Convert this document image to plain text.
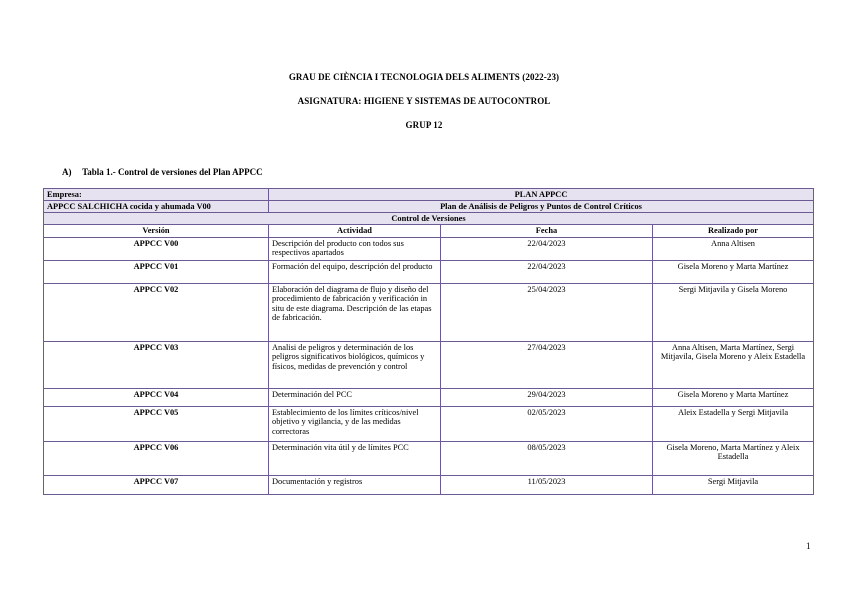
GRAU DE CIÈNCIA I TECNOLOGIA DELS ALIMENTS (2022-23)
ASIGNATURA: HIGIENE Y SISTEMAS DE AUTOCONTROL
GRUP 12
A) Tabla 1.- Control de versiones del Plan APPCC
Empresa:	PLAN APPCC		
APPCC SALCHICHA cocida y ahumada V00	Plan de Análisis de Peligros y Puntos de Control Críticos		
Control de Versiones			
Versión	Actividad	Fecha	Realizado por
APPCC V00	Descripción del producto con todos sus respectivos apartados	22/04/2023	Anna Altisen
APPCC V01	Formación del equipo, descripción del producto	22/04/2023	Gisela Moreno y Marta Martínez
APPCC V02	Elaboración del diagrama de flujo y diseño del procedimiento de fabricación y verificación in situ de este diagrama. Descripción de las etapas de fabricación.	25/04/2023	Sergi Mitjavila y Gisela Moreno
APPCC V03	Analisi de peligros y determinación de los peligros significativos biológicos, químicos y físicos, medidas de prevención y control	27/04/2023	Anna Altisen, Marta Martínez, Sergi Mitjavila, Gisela Moreno y Aleix Estadella
APPCC V04	Determinación del PCC	29/04/2023	Gisela Moreno y Marta Martínez
APPCC V05	Establecimiento de los límites críticos/nivel objetivo y vigilancia, y de las medidas correctoras	02/05/2023	Aleix Estadella y Sergi Mitjavila
APPCC V06	Determinación vita útil y de límites PCC	08/05/2023	Gisela Moreno, Marta Martínez y Aleix Estadella
APPCC V07	Documentación y registros	11/05/2023	Sergi Mitjavila
1
